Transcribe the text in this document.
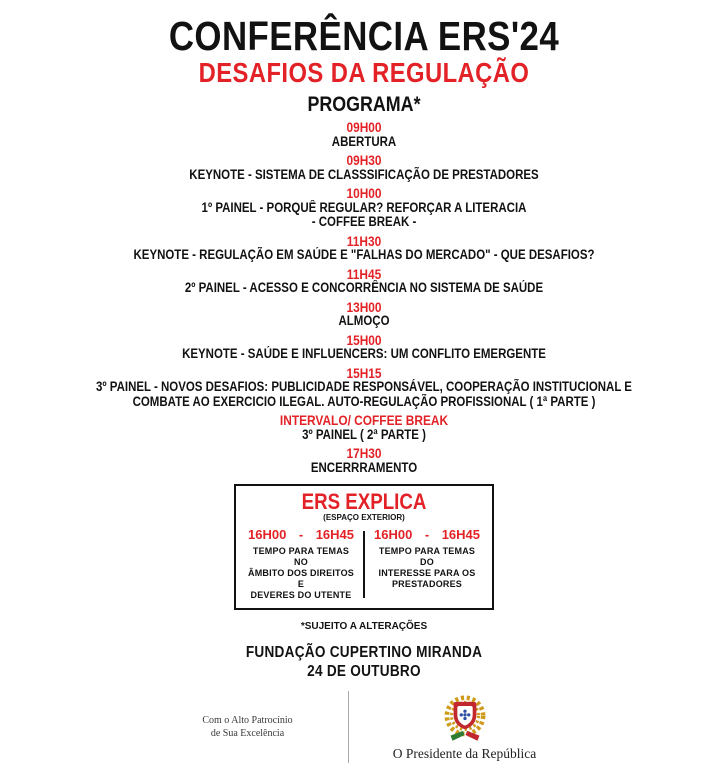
CONFERÊNCIA ERS'24
DESAFIOS DA REGULAÇÃO
PROGRAMA*
09H00
ABERTURA
09H30
KEYNOTE - SISTEMA DE CLASSSIFICAÇÃO DE PRESTADORES
10H00
1º PAINEL - PORQUÊ REGULAR? REFORÇAR A LITERACIA
- COFFEE BREAK -
11H30
KEYNOTE - REGULAÇÃO EM SAÚDE E "FALHAS DO MERCADO" - QUE DESAFIOS?
11H45
2º PAINEL - ACESSO E CONCORRÊNCIA NO SISTEMA DE SAÚDE
13H00
ALMOÇO
15H00
KEYNOTE - SAÚDE E INFLUENCERS: UM CONFLITO EMERGENTE
15H15
3º PAINEL - NOVOS DESAFIOS: PUBLICIDADE RESPONSÁVEL, COOPERAÇÃO INSTITUCIONAL E
COMBATE AO EXERCICIO ILEGAL. AUTO-REGULAÇÃO PROFISSIONAL ( 1ª PARTE )
INTERVALO/ COFFEE BREAK
3º PAINEL ( 2ª PARTE )
17H30
ENCERRRAMENTO
ERS EXPLICA
(ESPAÇO EXTERIOR)
16H00 - 16H45
TEMPO PARA TEMAS NO
ÂMBITO DOS DIREITOS E
DEVERES DO UTENTE
16H00 - 16H45
TEMPO PARA TEMAS DO
INTERESSE PARA OS
PRESTADORES
*SUJEITO A ALTERAÇÕES
FUNDAÇÃO CUPERTINO MIRANDA
24 DE OUTUBRO
Com o Alto Patrocínio
de Sua Excelência
O Presidente da República
